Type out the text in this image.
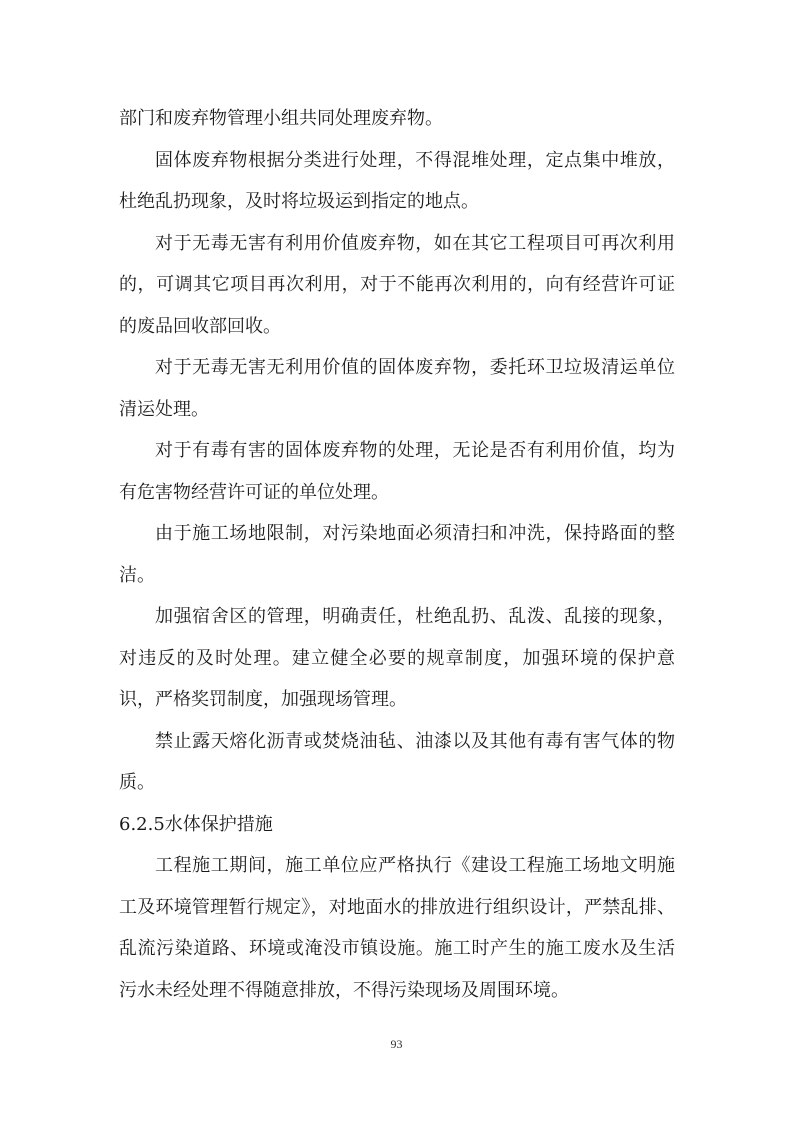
部门和废弃物管理小组共同处理废弃物。

固体废弃物根据分类进行处理，不得混堆处理，定点集中堆放，杜绝乱扔现象，及时将垃圾运到指定的地点。

对于无毒无害有利用价值废弃物，如在其它工程项目可再次利用的，可调其它项目再次利用，对于不能再次利用的，向有经营许可证的废品回收部回收。

对于无毒无害无利用价值的固体废弃物，委托环卫垃圾清运单位清运处理。

对于有毒有害的固体废弃物的处理，无论是否有利用价值，均为有危害物经营许可证的单位处理。

由于施工场地限制，对污染地面必须清扫和冲洗，保持路面的整洁。

加强宿舍区的管理，明确责任，杜绝乱扔、乱泼、乱接的现象，对违反的及时处理。建立健全必要的规章制度，加强环境的保护意识，严格奖罚制度，加强现场管理。

禁止露天熔化沥青或焚烧油毡、油漆以及其他有毒有害气体的物质。

6.2.5水体保护措施

工程施工期间，施工单位应严格执行《建设工程施工场地文明施工及环境管理暂行规定》，对地面水的排放进行组织设计，严禁乱排、乱流污染道路、环境或淹没市镇设施。施工时产生的施工废水及生活污水未经处理不得随意排放，不得污染现场及周围环境。

93
